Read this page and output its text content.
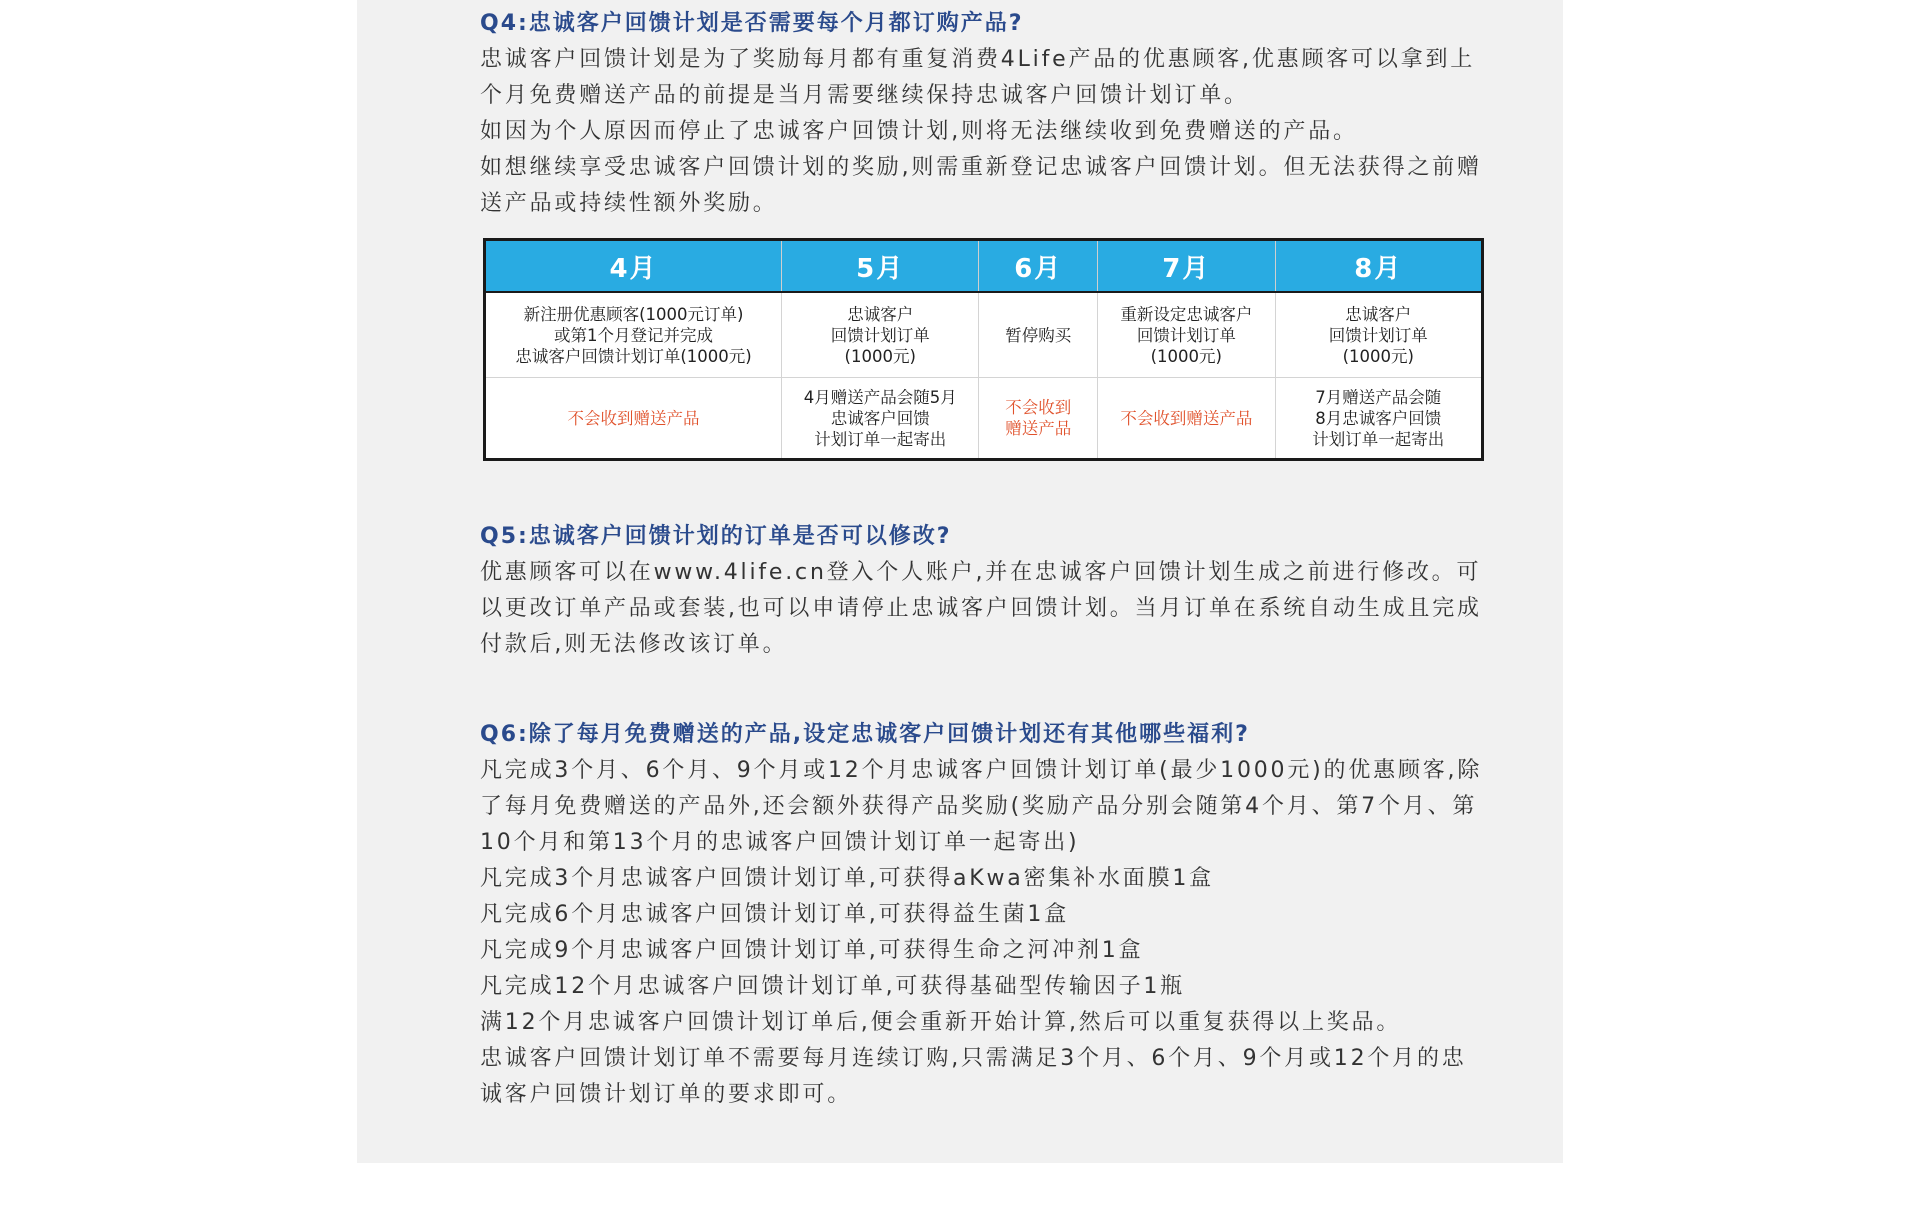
Q4:忠诚客户回馈计划是否需要每个月都订购产品?

忠诚客户回馈计划是为了奖励每月都有重复消费4Life产品的优惠顾客,优惠顾客可以拿到上个月免费赠送产品的前提是当月需要继续保持忠诚客户回馈计划订单。

如因为个人原因而停止了忠诚客户回馈计划,则将无法继续收到免费赠送的产品。

如想继续享受忠诚客户回馈计划的奖励,则需重新登记忠诚客户回馈计划。但无法获得之前赠送产品或持续性额外奖励。

4月	5月	6月	7月	8月

新注册优惠顾客(1000元订单)
或第1个月登记并完成
忠诚客户回馈计划订单(1000元)	忠诚客户
回馈计划订单
(1000元)	暂停购买	重新设定忠诚客户
回馈计划订单
(1000元)	忠诚客户
回馈计划订单
(1000元)

不会收到赠送产品	4月赠送产品会随5月
忠诚客户回馈
计划订单一起寄出	不会收到
赠送产品	不会收到赠送产品	7月赠送产品会随
8月忠诚客户回馈
计划订单一起寄出

Q5:忠诚客户回馈计划的订单是否可以修改?

优惠顾客可以在www.4life.cn登入个人账户,并在忠诚客户回馈计划生成之前进行修改。可以更改订单产品或套装,也可以申请停止忠诚客户回馈计划。当月订单在系统自动生成且完成付款后,则无法修改该订单。

Q6:除了每月免费赠送的产品,设定忠诚客户回馈计划还有其他哪些福利?

凡完成3个月、6个月、9个月或12个月忠诚客户回馈计划订单(最少1000元)的优惠顾客,除了每月免费赠送的产品外,还会额外获得产品奖励(奖励产品分别会随第4个月、第7个月、第10个月和第13个月的忠诚客户回馈计划订单一起寄出)

凡完成3个月忠诚客户回馈计划订单,可获得aKwa密集补水面膜1盒

凡完成6个月忠诚客户回馈计划订单,可获得益生菌1盒

凡完成9个月忠诚客户回馈计划订单,可获得生命之河冲剂1盒

凡完成12个月忠诚客户回馈计划订单,可获得基础型传输因子1瓶

满12个月忠诚客户回馈计划订单后,便会重新开始计算,然后可以重复获得以上奖品。

忠诚客户回馈计划订单不需要每月连续订购,只需满足3个月、6个月、9个月或12个月的忠诚客户回馈计划订单的要求即可。
